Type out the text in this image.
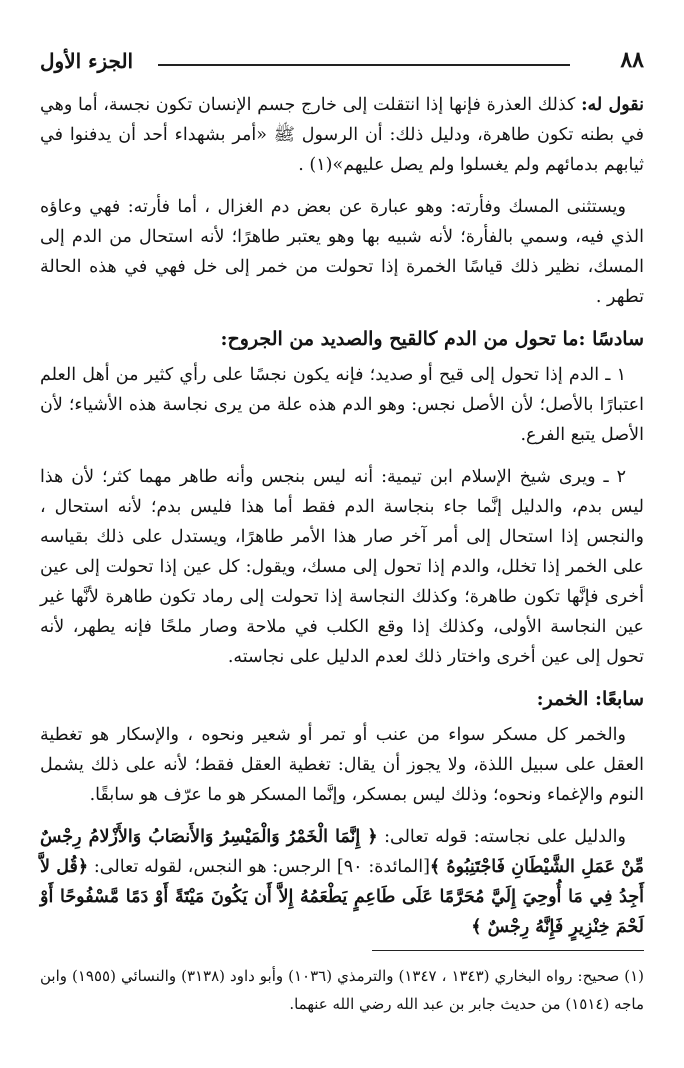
٨٨
الجزء الأول

نقول له: كذلك العذرة فإنها إذا انتقلت إلى خارج جسم الإنسان تكون نجسة، أما وهي في بطنه تكون طاهرة، ودليل ذلك: أن الرسول ﷺ «أمر بشهداء أحد أن يدفنوا في ثيابهم بدمائهم ولم يغسلوا ولم يصل عليهم»(١) .

ويستثنى المسك وفأرته: وهو عبارة عن بعض دم الغزال ، أما فأرته: فهي وعاؤه الذي فيه، وسمي بالفأرة؛ لأنه شبيه بها وهو يعتبر طاهرًا؛ لأنه استحال من الدم إلى المسك، نظير ذلك قياسًا الخمرة إذا تحولت من خمر إلى خل فهي في هذه الحالة تطهر .

سادسًا :ما تحول من الدم كالقيح والصديد من الجروح:

١ ـ الدم إذا تحول إلى قيح أو صديد؛ فإنه يكون نجسًا على رأي كثير من أهل العلم اعتبارًا بالأصل؛ لأن الأصل نجس: وهو الدم هذه علة من يرى نجاسة هذه الأشياء؛ لأن الأصل يتبع الفرع.

٢ ـ ويرى شيخ الإسلام ابن تيمية: أنه ليس بنجس وأنه طاهر مهما كثر؛ لأن هذا ليس بدم، والدليل إنَّما جاء بنجاسة الدم فقط أما هذا فليس بدم؛ لأنه استحال ، والنجس إذا استحال إلى أمر آخر صار هذا الأمر طاهرًا، ويستدل على ذلك بقياسه على الخمر إذا تخلل، والدم إذا تحول إلى مسك، ويقول: كل عين إذا تحولت إلى عين أخرى فإنَّها تكون طاهرة؛ وكذلك النجاسة إذا تحولت إلى رماد تكون طاهرة لأنَّها غير عين النجاسة الأولى، وكذلك إذا وقع الكلب في ملاحة وصار ملحًا فإنه يطهر، لأنه تحول إلى عين أخرى واختار ذلك لعدم الدليل على نجاسته.

سابعًا: الخمر:

والخمر كل مسكر سواء من عنب أو تمر أو شعير ونحوه ، والإسكار هو تغطية العقل على سبيل اللذة، ولا يجوز أن يقال: تغطية العقل فقط؛ لأنه على ذلك يشمل النوم والإغماء ونحوه؛ وذلك ليس بمسكر، وإنَّما المسكر هو ما عرّف هو سابقًا.

والدليل على نجاسته: قوله تعالى: ﴿ إِنَّمَا الْخَمْرُ وَالْمَيْسِرُ وَالأَنصَابُ وَالأَزْلامُ رِجْسٌ مِّنْ عَمَلِ الشَّيْطَانِ فَاجْتَنِبُوهُ ﴾[المائدة: ٩٠] الرجس: هو النجس، لقوله تعالى: ﴿قُل لاَّ أَجِدُ فِي مَا أُوحِيَ إِلَيَّ مُحَرَّمًا عَلَى طَاعِمٍ يَطْعَمُهُ إِلاَّ أَن يَكُونَ مَيْتَةً أَوْ دَمًا مَّسْفُوحًا أَوْ لَحْمَ خِنْزِيرٍ فَإِنَّهُ رِجْسٌ ﴾

(١) صحيح: رواه البخاري (١٣٤٣ ، ١٣٤٧) والترمذي (١٠٣٦) وأبو داود (٣١٣٨) والنسائي (١٩٥٥) وابن ماجه (١٥١٤) من حديث جابر بن عبد الله رضي الله عنهما.
